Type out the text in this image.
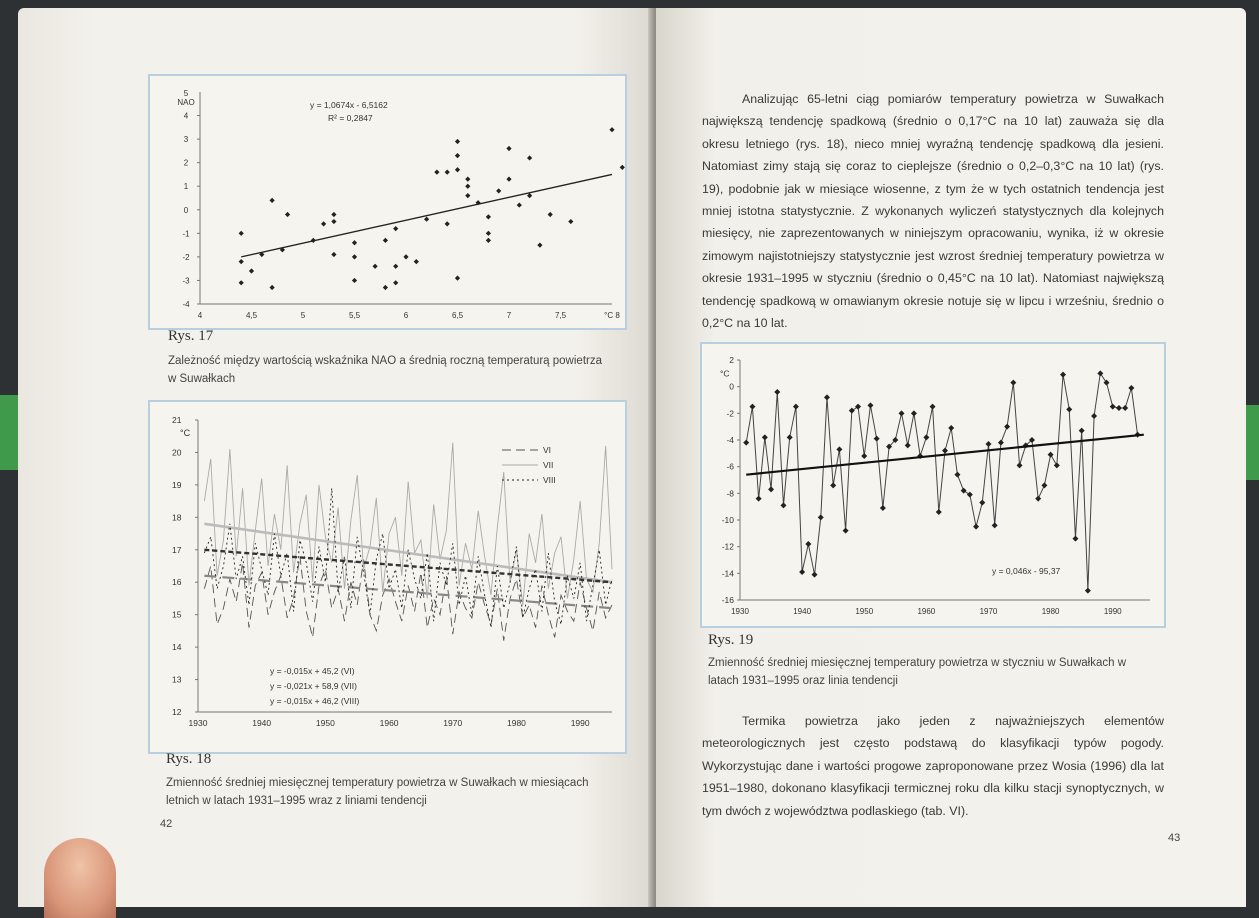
4
3
2
1
0
-1
-2
-3
-4
4	4,5	5	5,5	6	6,5	7	7,5	°C 8
5
NAO	y = 1,0674x - 6,5162
R² = 0,2847
Rys. 17
Zależność między wartością wskaźnika NAO a średnią roczną temperaturą powietrza w Suwałkach
21
20
19
18
17
16
15
14
13
12
1930	1940	1950	1960	1970	1980	1990
VI
VII
VIII
°C
y = -0,015x + 45,2 (VI)
y = -0,021x + 58,9 (VII)
y = -0,015x + 46,2 (VIII)
Rys. 18
Zmienność średniej miesięcznej temperatury powietrza w Suwałkach w miesiącach letnich w latach 1931–1995 wraz z liniami tendencji
42
Analizując 65-letni ciąg pomiarów temperatury powietrza w Suwałkach największą tendencję spadkową (średnio o 0,17°C na 10 lat) zauważa się dla okresu letniego (rys. 18), nieco mniej wyraźną tendencję spadkową dla jesieni. Natomiast zimy stają się coraz to cieplejsze (średnio o 0,2–0,3°C na 10 lat) (rys. 19), podobnie jak w miesiące wiosenne, z tym że w tych ostatnich tendencja jest mniej istotna statystycznie. Z wykonanych wyliczeń statystycznych dla kolejnych miesięcy, nie zaprezentowanych w niniejszym opracowaniu, wynika, iż w okresie zimowym najistotniejszy statystycznie jest wzrost średniej temperatury powietrza w okresie 1931–1995 w styczniu (średnio o 0,45°C na 10 lat). Natomiast największą tendencję spadkową w omawianym okresie notuje się w lipcu i wrześniu, średnio o 0,2°C na 10 lat.
2
°C
0
-2
-4
-6
-8
-10
-12
-14
-16
1930	1940	1950	1960	1970	1980	1990
y = 0,046x - 95,37
Rys. 19
Zmienność średniej miesięcznej temperatury powietrza w styczniu w Suwałkach w latach 1931–1995 oraz linia tendencji
Termika powietrza jako jeden z najważniejszych elementów meteorologicznych jest często podstawą do klasyfikacji typów pogody. Wykorzystując dane i wartości progowe zaproponowane przez Wosia (1996) dla lat 1951–1980, dokonano klasyfikacji termicznej roku dla kilku stacji synoptycznych, w tym dwóch z województwa podlaskiego (tab. VI).
43
